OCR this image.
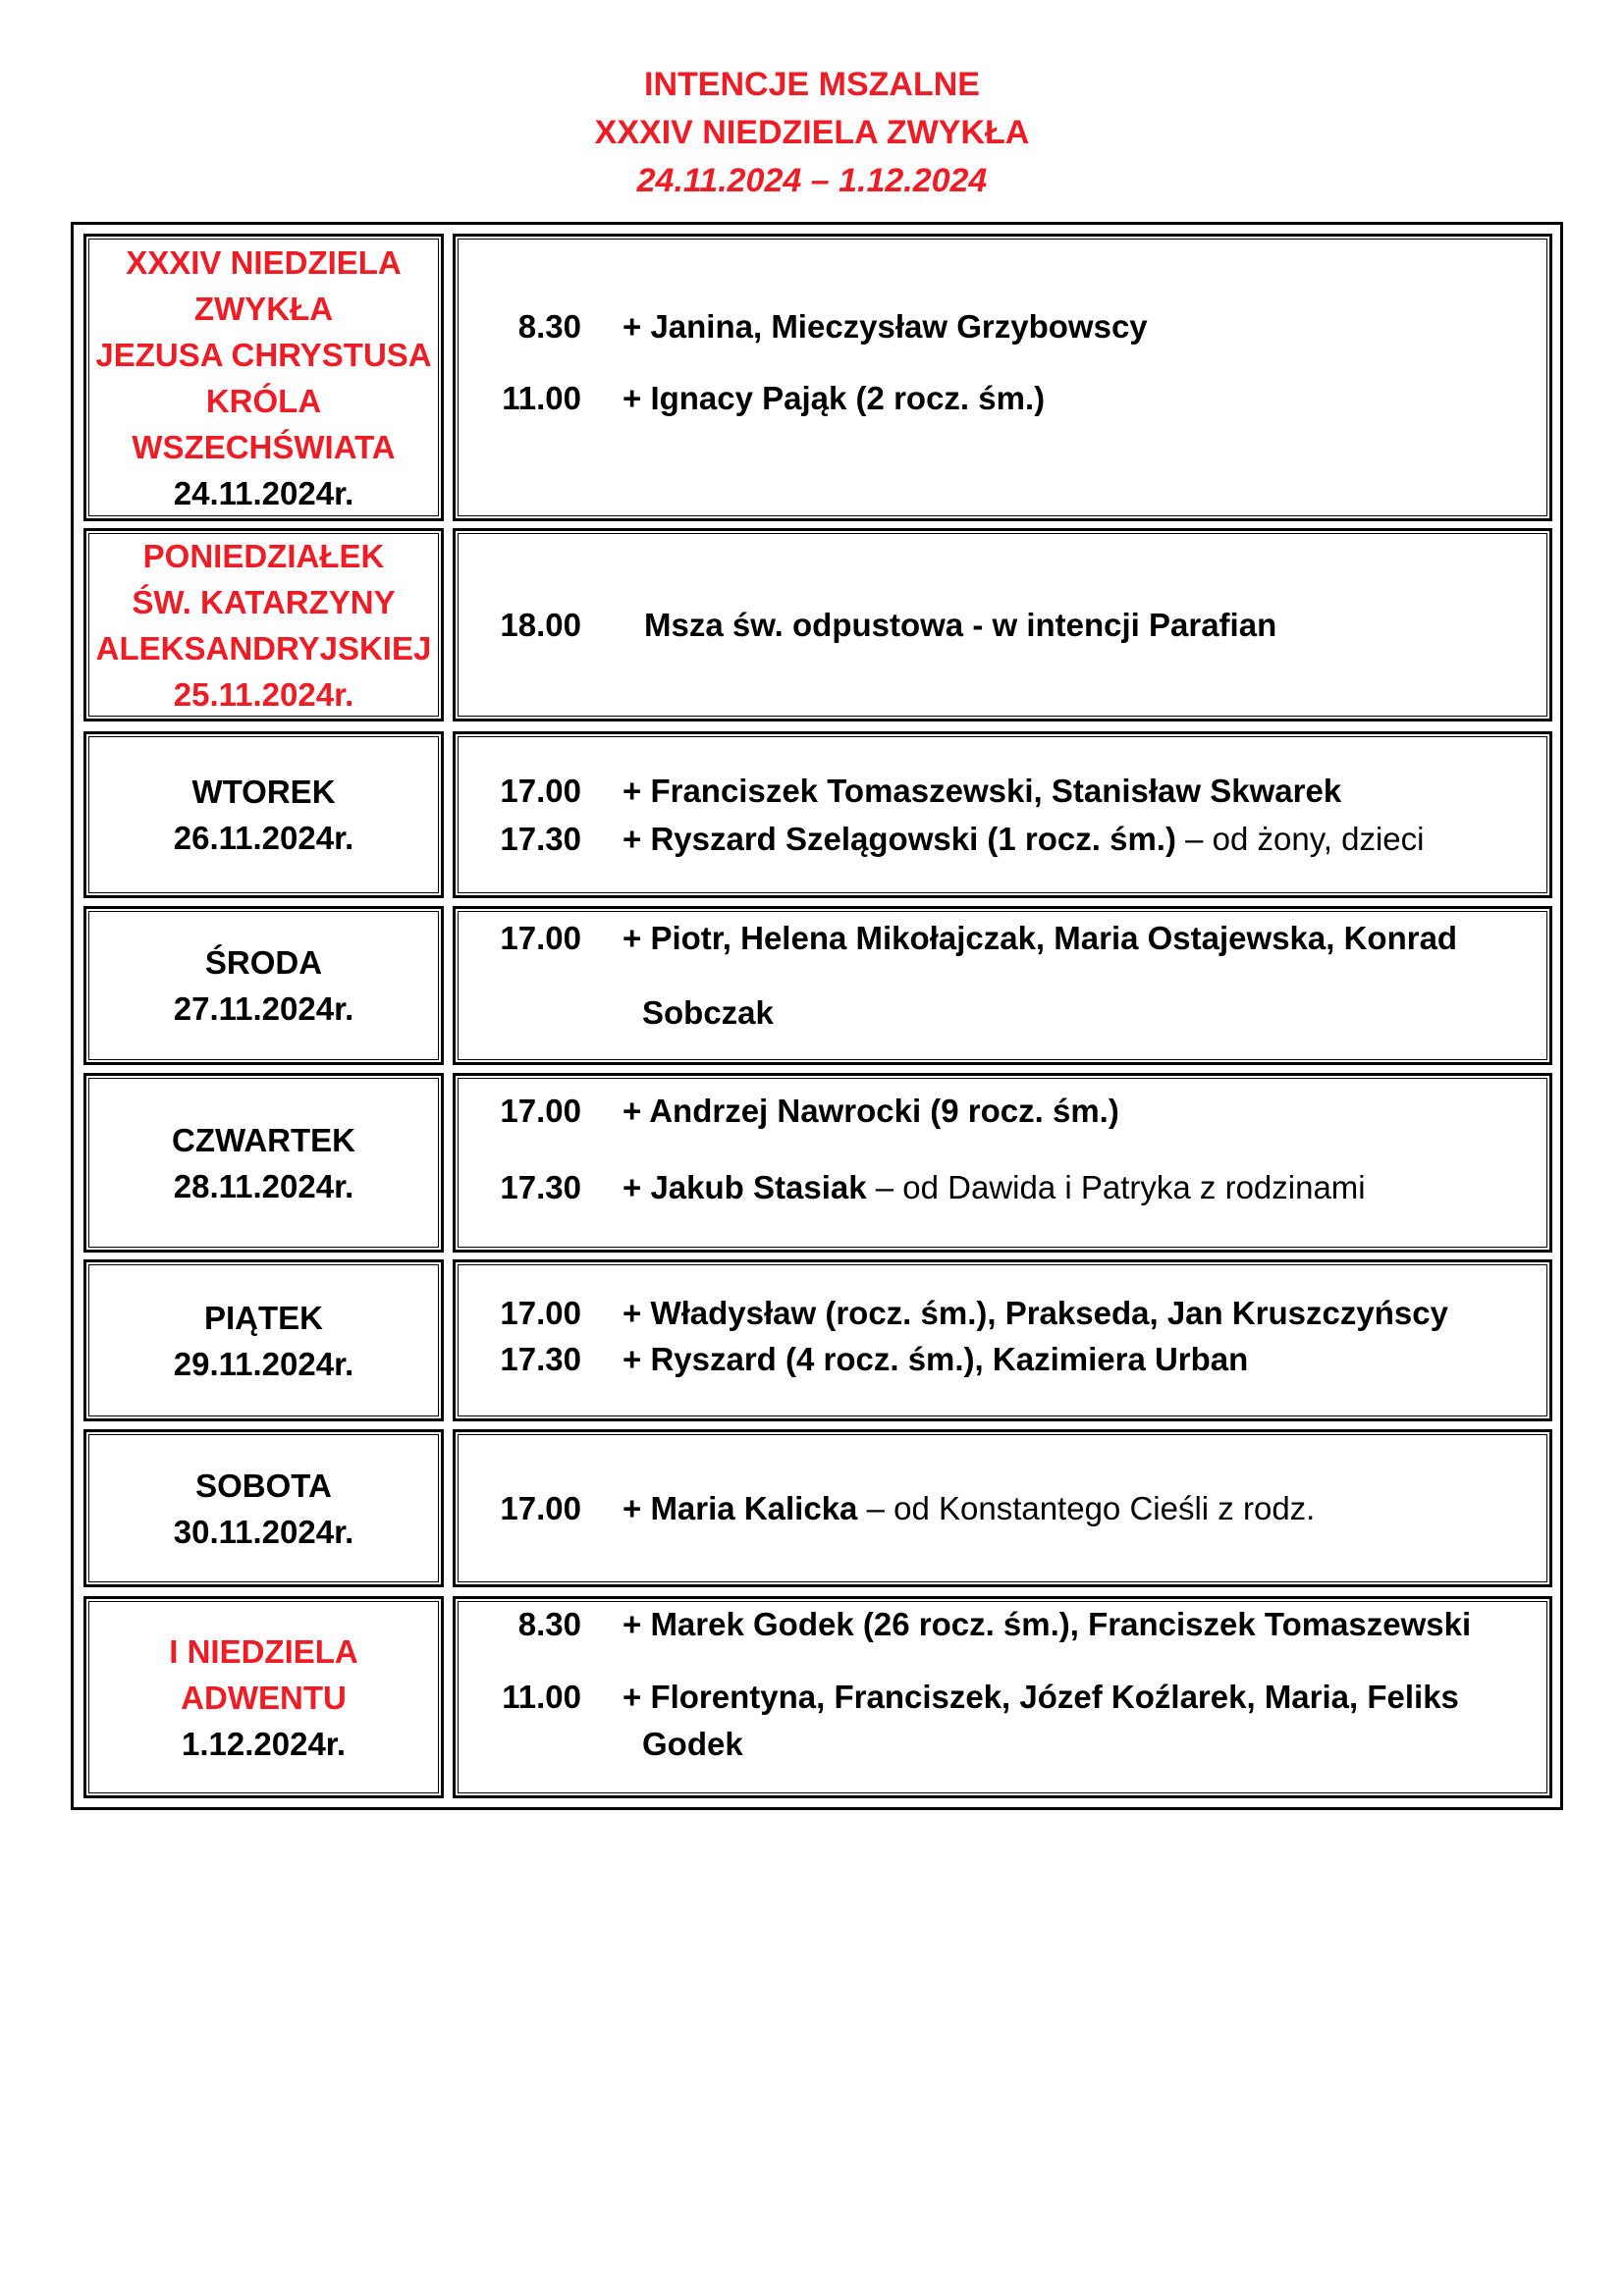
INTENCJE MSZALNE
XXXIV NIEDZIELA ZWYKŁA
24.11.2024 – 1.12.2024
XXXIV NIEDZIELA
ZWYKŁA
JEZUSA CHRYSTUSA
KRÓLA
WSZECHŚWIATA
24.11.2024r.
8.30 + Janina, Mieczysław Grzybowscy
11.00 + Ignacy Pająk (2 rocz. śm.)
PONIEDZIAŁEK
ŚW. KATARZYNY
ALEKSANDRYJSKIEJ
25.11.2024r.
18.00 Msza św. odpustowa - w intencji Parafian
WTOREK
26.11.2024r.
17.00 + Franciszek Tomaszewski, Stanisław Skwarek
17.30 + Ryszard Szelągowski (1 rocz. śm.) – od żony, dzieci
ŚRODA
27.11.2024r.
17.00 + Piotr, Helena Mikołajczak, Maria Ostajewska, Konrad
Sobczak
CZWARTEK
28.11.2024r.
17.00 + Andrzej Nawrocki (9 rocz. śm.)
17.30 + Jakub Stasiak – od Dawida i Patryka z rodzinami
PIĄTEK
29.11.2024r.
17.00 + Władysław (rocz. śm.), Prakseda, Jan Kruszczyńscy
17.30 + Ryszard (4 rocz. śm.), Kazimiera Urban
SOBOTA
30.11.2024r.
17.00 + Maria Kalicka – od Konstantego Cieśli z rodz.
I NIEDZIELA
ADWENTU
1.12.2024r.
8.30 + Marek Godek (26 rocz. śm.), Franciszek Tomaszewski
11.00 + Florentyna, Franciszek, Józef Koźlarek, Maria, Feliks
Godek
